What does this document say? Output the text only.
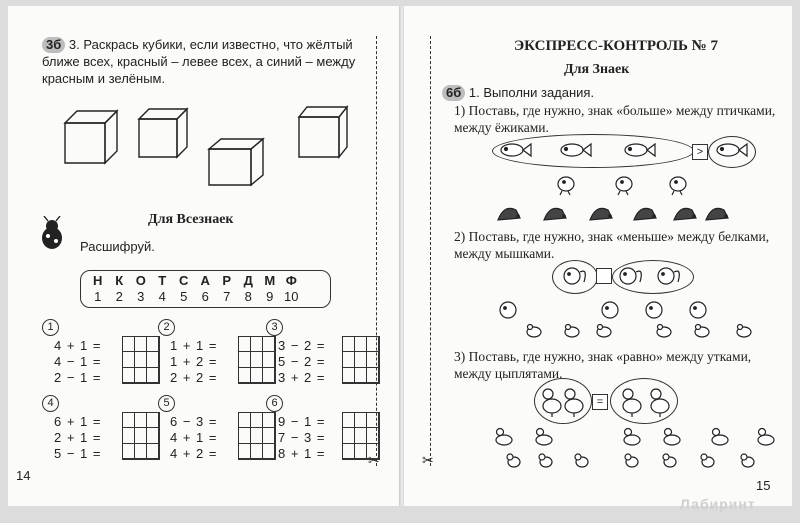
✂
3б 3. Раскрась кубики, если известно, что жёлтый ближе всех, красный – левее всех, а синий – между красным и зелёным.
Для Всезнаек
Расшифруй.
Н К О Т С А Р Д М Ф
1	2	3	4	5	6	7	8	9 10
1
4 + 1 =
4 − 1 =
2 − 1 =
2
1 + 1 =
1 + 2 =
2 + 2 =
3
3 − 2 =
5 − 2 =
3 + 2 =
4
6 + 1 =
2 + 1 =
5 − 1 =
5
6 − 3 =
4 + 1 =
4 + 2 =
6
9 − 1 =
7 − 3 =
8 + 1 =
14
✂
ЭКСПРЕСС-КОНТРОЛЬ № 7
Для Знаек
6б 1. Выполни задания.
1) Поставь, где нужно, знак «больше» между птичками, между ёжиками.
>
2) Поставь, где нужно, знак «меньше» между белками, между мышками.
3) Поставь, где нужно, знак «равно» между утками, между цыплятами.
=
15
Лабиринт
